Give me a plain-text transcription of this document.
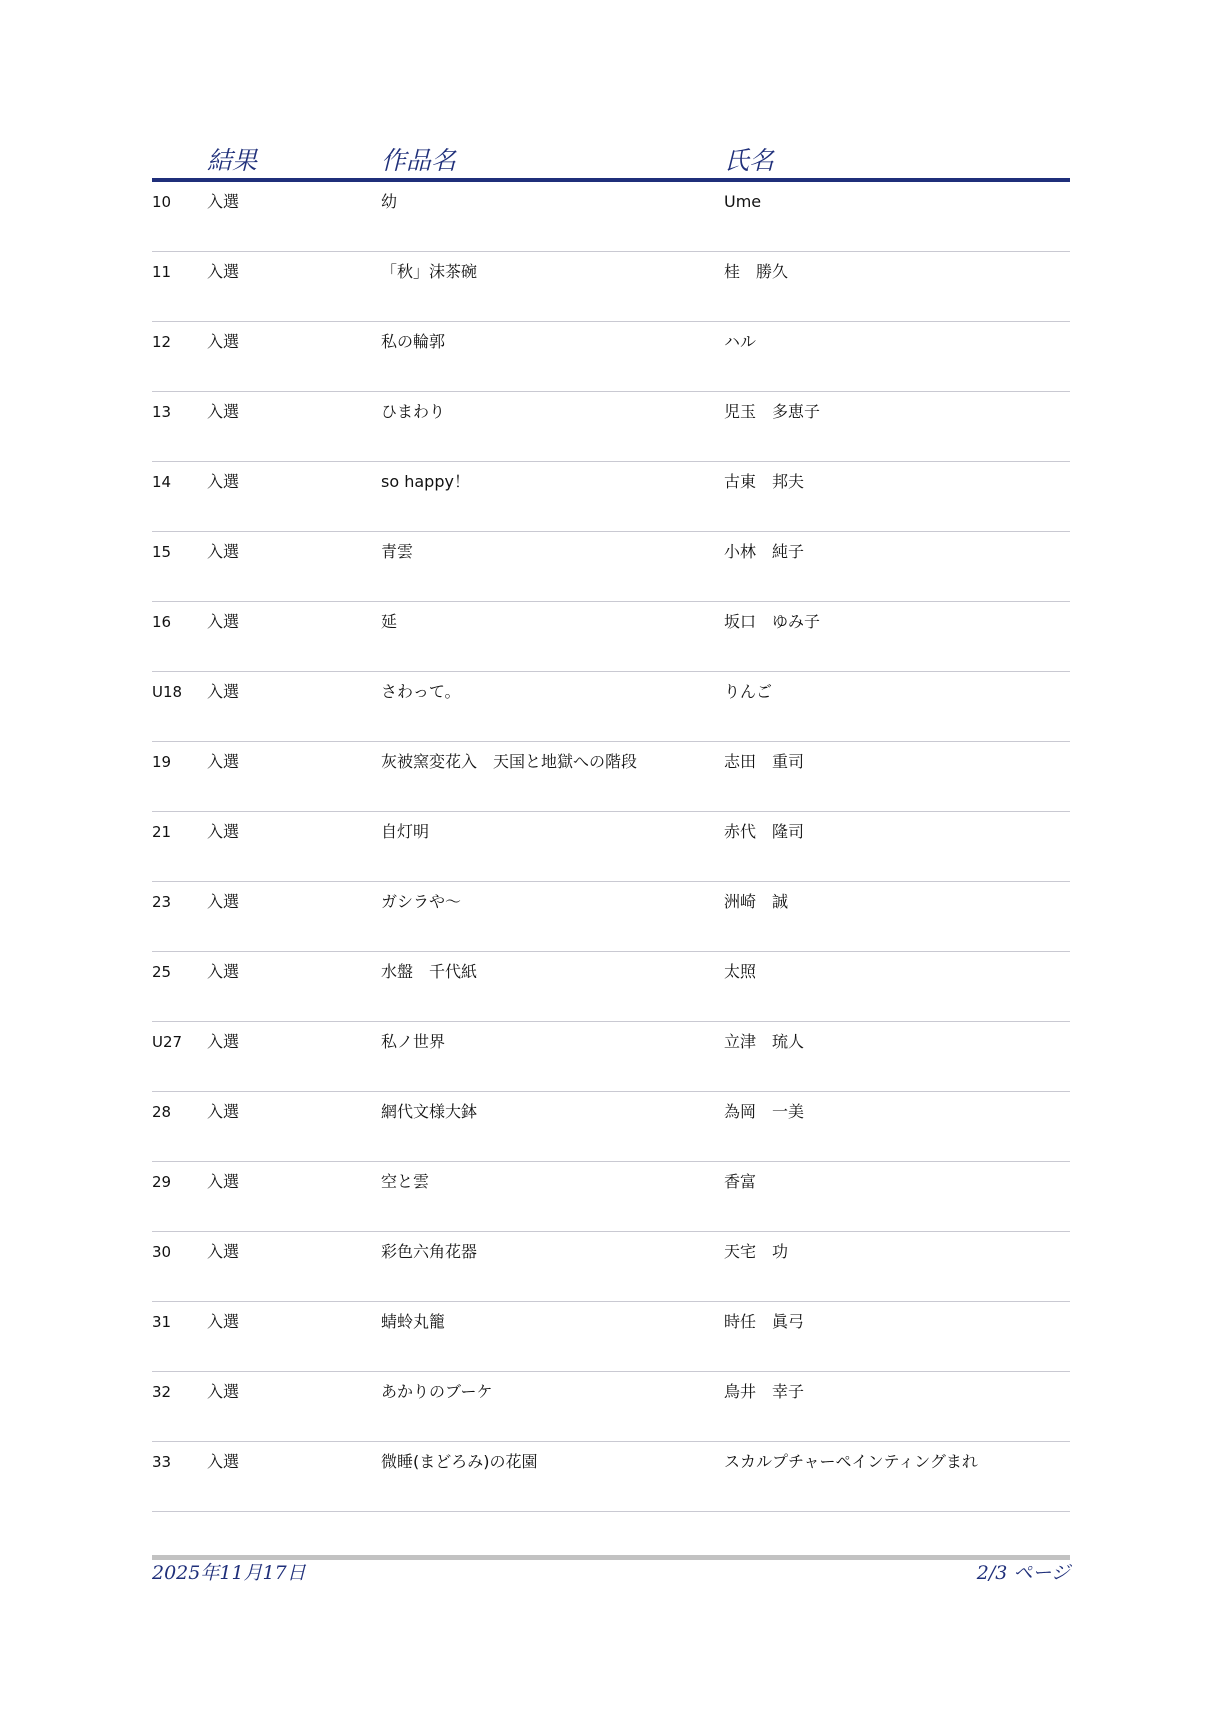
結果	作品名	氏名
10 入選	幼	Ume
11 入選	「秋」沫茶碗	桂　勝久
12 入選	私の輪郭	ハル
13 入選	ひまわり	児玉　多恵子
14 入選	so happy！	古東　邦夫
15 入選	青雲	小林　純子
16 入選	延	坂口　ゆみ子
U18 入選	さわって。	りんご
19 入選	灰被窯変花入　天国と地獄への階段	志田　重司
21 入選	自灯明	赤代　隆司
23 入選	ガシラや〜	洲崎　誠
25 入選	水盤　千代紙	太照
U27 入選	私ノ世界	立津　琉人
28 入選	網代文様大鉢	為岡　一美
29 入選	空と雲	香富
30 入選	彩色六角花器	天宅　功
31 入選	蜻蛉丸籠	時任　眞弓
32 入選	あかりのブーケ	鳥井　幸子
33 入選	微睡(まどろみ)の花園	スカルプチャーペインティングまれ
2025年11月17日	2/3 ページ
